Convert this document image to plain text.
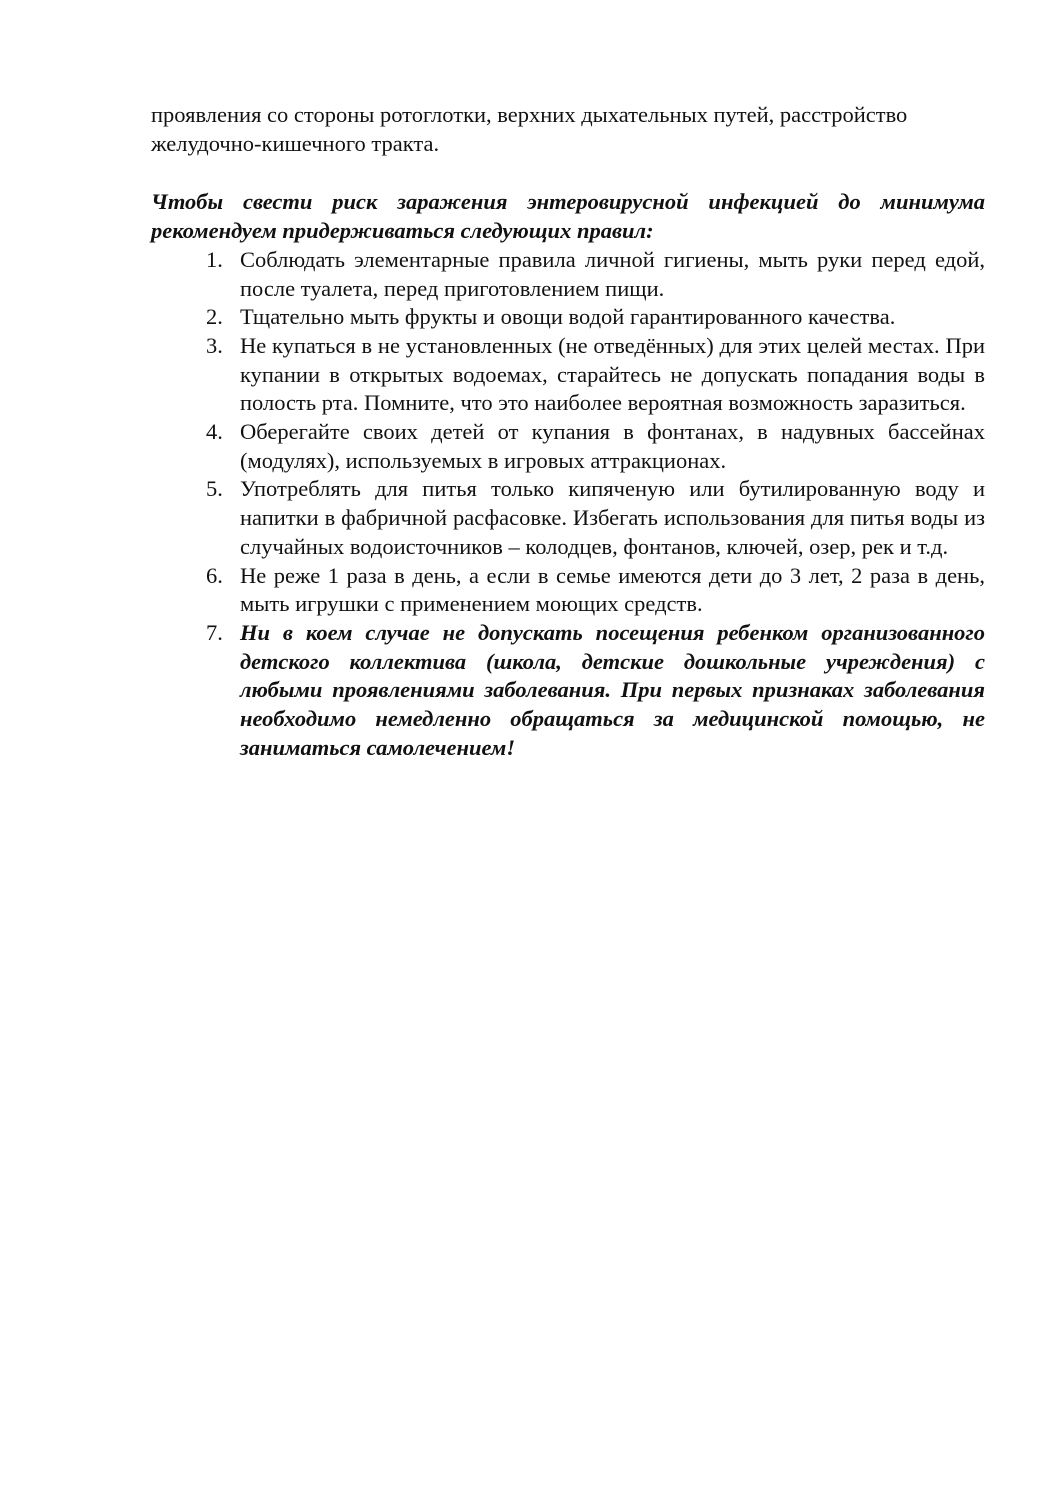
проявления со стороны ротоглотки, верхних дыхательных путей, расстройство желудочно-кишечного тракта.

Чтобы свести риск заражения энтеровирусной инфекцией до минимума рекомендуем придерживаться следующих правил:

1. Соблюдать элементарные правила личной гигиены, мыть руки перед едой, после туалета, перед приготовлением пищи.
2. Тщательно мыть фрукты и овощи водой гарантированного качества.
3. Не купаться в не установленных (не отведённых) для этих целей местах. При купании в открытых водоемах, старайтесь не допускать попадания воды в полость рта. Помните, что это наиболее вероятная возможность заразиться.
4. Оберегайте своих детей от купания в фонтанах, в надувных бассейнах (модулях), используемых в игровых аттракционах.
5. Употреблять для питья только кипяченую или бутилированную воду и напитки в фабричной расфасовке. Избегать использования для питья воды из случайных водоисточников – колодцев, фонтанов, ключей, озер, рек и т.д.
6. Не реже 1 раза в день, а если в семье имеются дети до 3 лет, 2 раза в день, мыть игрушки с применением моющих средств.
7. Ни в коем случае не допускать посещения ребенком организованного детского коллектива (школа, детские дошкольные учреждения) с любыми проявлениями заболевания. При первых признаках заболевания необходимо немедленно обращаться за медицинской помощью, не заниматься самолечением!
